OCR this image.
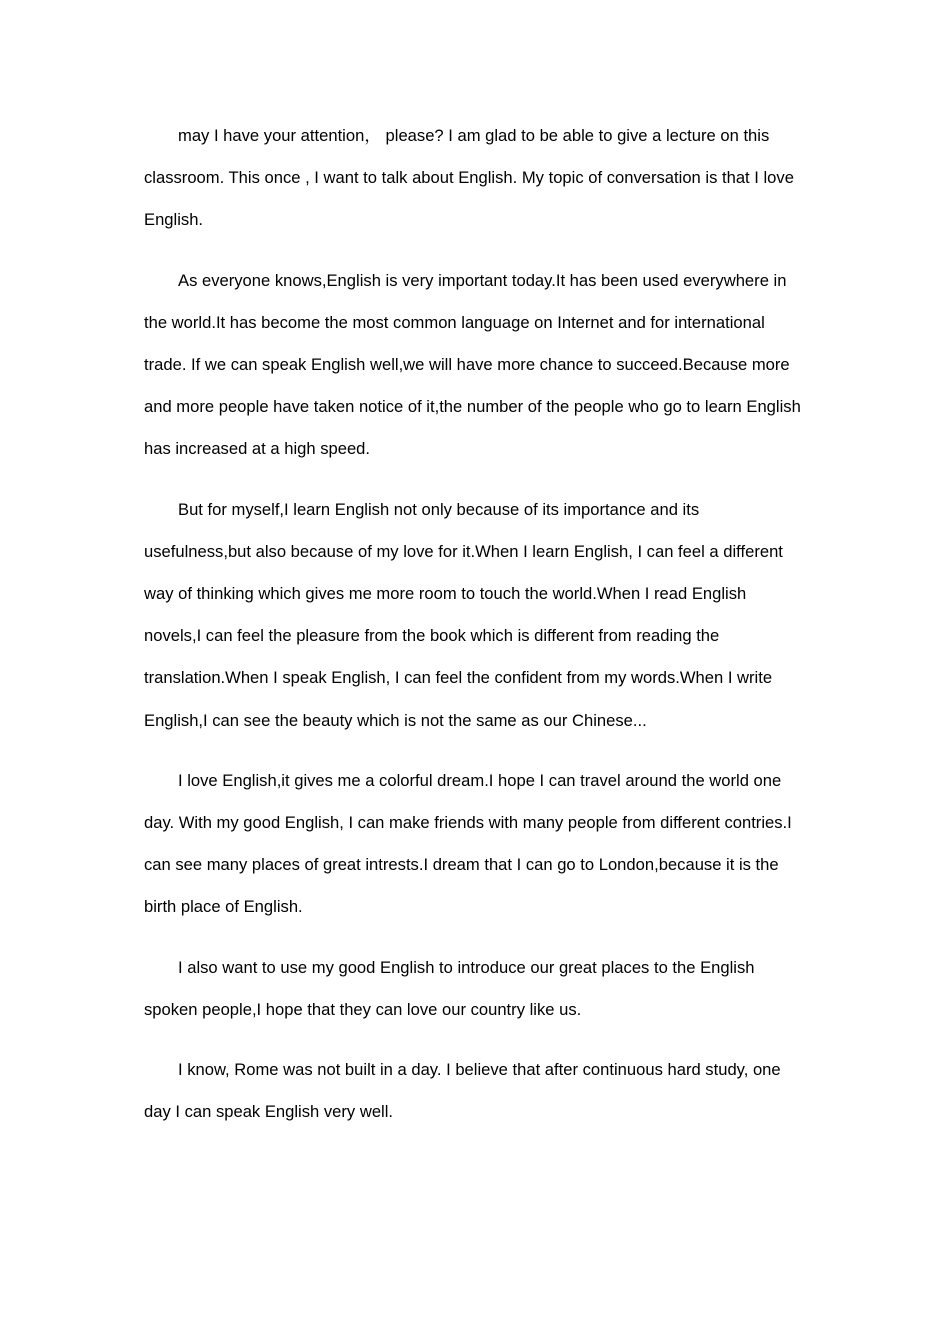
may I have your attention， please? I am glad to be able to give a lecture on this classroom. This once , I want to talk about English. My topic of conversation is that I love English.

As everyone knows,English is very important today.It has been used everywhere in the world.It has become the most common language on Internet and for international trade. If we can speak English well,we will have more chance to succeed.Because more and more people have taken notice of it,the number of the people who go to learn English has increased at a high speed.

But for myself,I learn English not only because of its importance and its usefulness,but also because of my love for it.When I learn English, I can feel a different way of thinking which gives me more room to touch the world.When I read English novels,I can feel the pleasure from the book which is different from reading the translation.When I speak English, I can feel the confident from my words.When I write English,I can see the beauty which is not the same as our Chinese...

I love English,it gives me a colorful dream.I hope I can travel around the world one day. With my good English, I can make friends with many people from different contries.I can see many places of great intrests.I dream that I can go to London,because it is the birth place of English.

I also want to use my good English to introduce our great places to the English spoken people,I hope that they can love our country like us.

I know, Rome was not built in a day. I believe that after continuous hard study, one day I can speak English very well.
